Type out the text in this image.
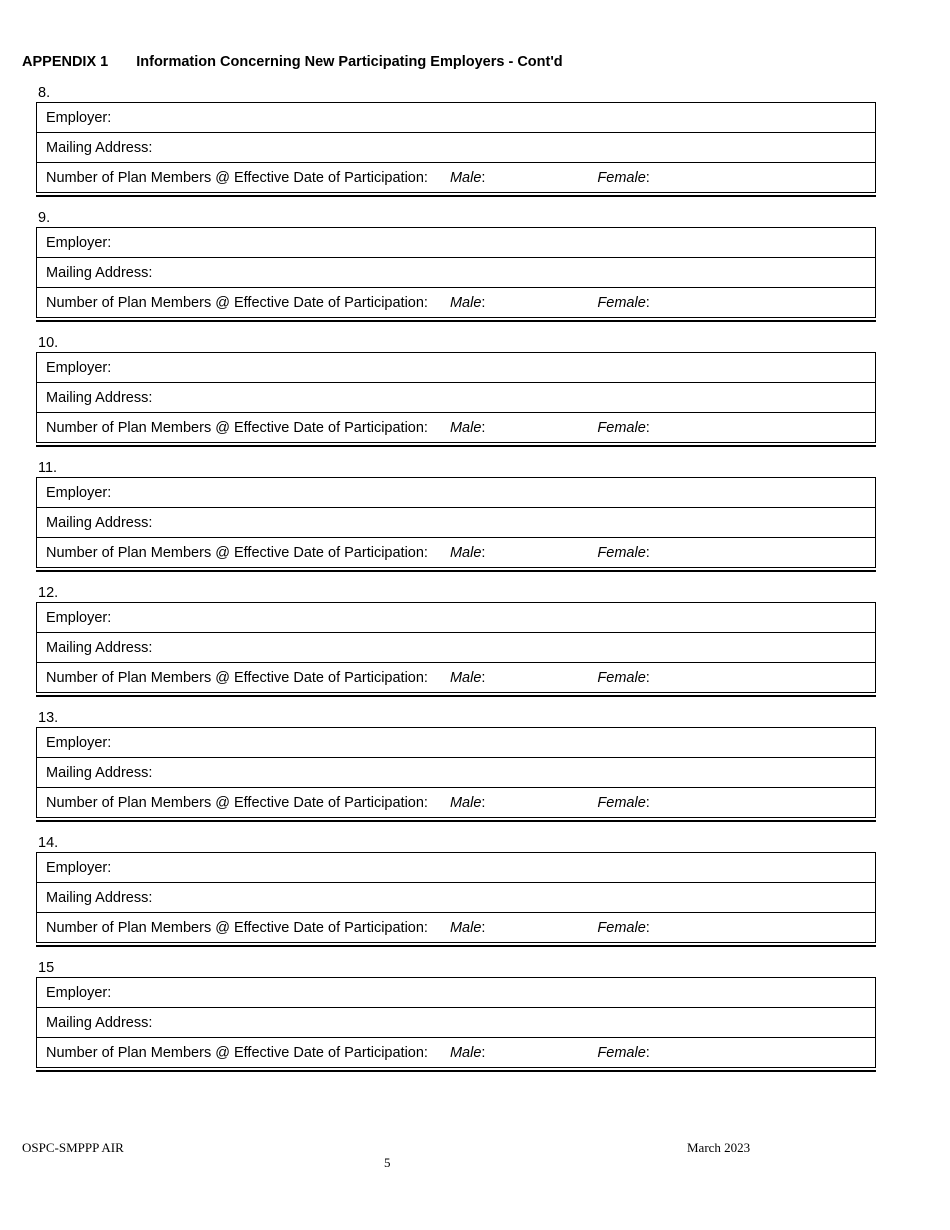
APPENDIX 1 Information Concerning New Participating Employers - Cont'd
8.
Employer:
Mailing Address:
Number of Plan Members @ Effective Date of Participation: Male:	Female:
9.
Employer:
Mailing Address:
Number of Plan Members @ Effective Date of Participation: Male:	Female:
10.
Employer:
Mailing Address:
Number of Plan Members @ Effective Date of Participation: Male:	Female:
11.
Employer:
Mailing Address:
Number of Plan Members @ Effective Date of Participation: Male:	Female:
12.
Employer:
Mailing Address:
Number of Plan Members @ Effective Date of Participation: Male:	Female:
13.
Employer:
Mailing Address:
Number of Plan Members @ Effective Date of Participation: Male:	Female:
14.
Employer:
Mailing Address:
Number of Plan Members @ Effective Date of Participation: Male:	Female:
15
Employer:
Mailing Address:
Number of Plan Members @ Effective Date of Participation: Male:	Female:
OSPC-SMPPP AIR	March 2023
5
